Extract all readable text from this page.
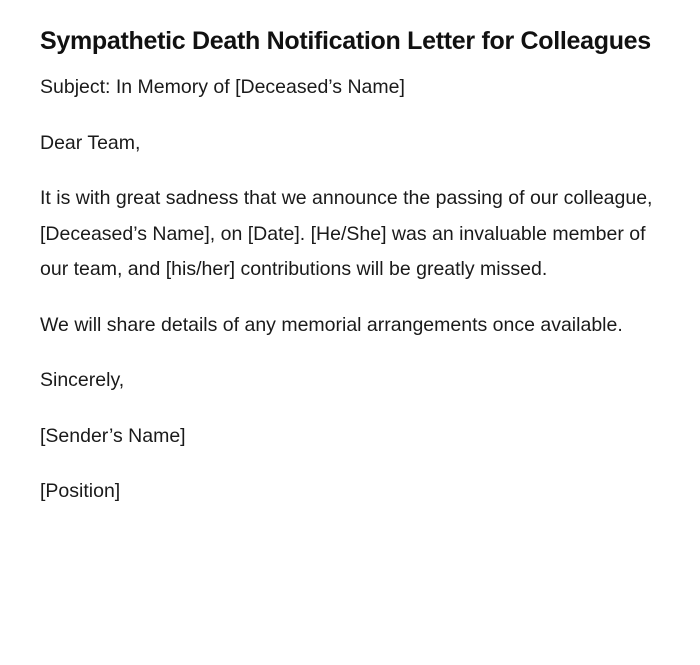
Sympathetic Death Notification Letter for Colleagues

Subject: In Memory of [Deceased’s Name]

Dear Team,

It is with great sadness that we announce the passing of our colleague, [Deceased’s Name], on [Date]. [He/She] was an invaluable member of our team, and [his/her] contributions will be greatly missed.

We will share details of any memorial arrangements once available.

Sincerely,

[Sender’s Name]

[Position]
